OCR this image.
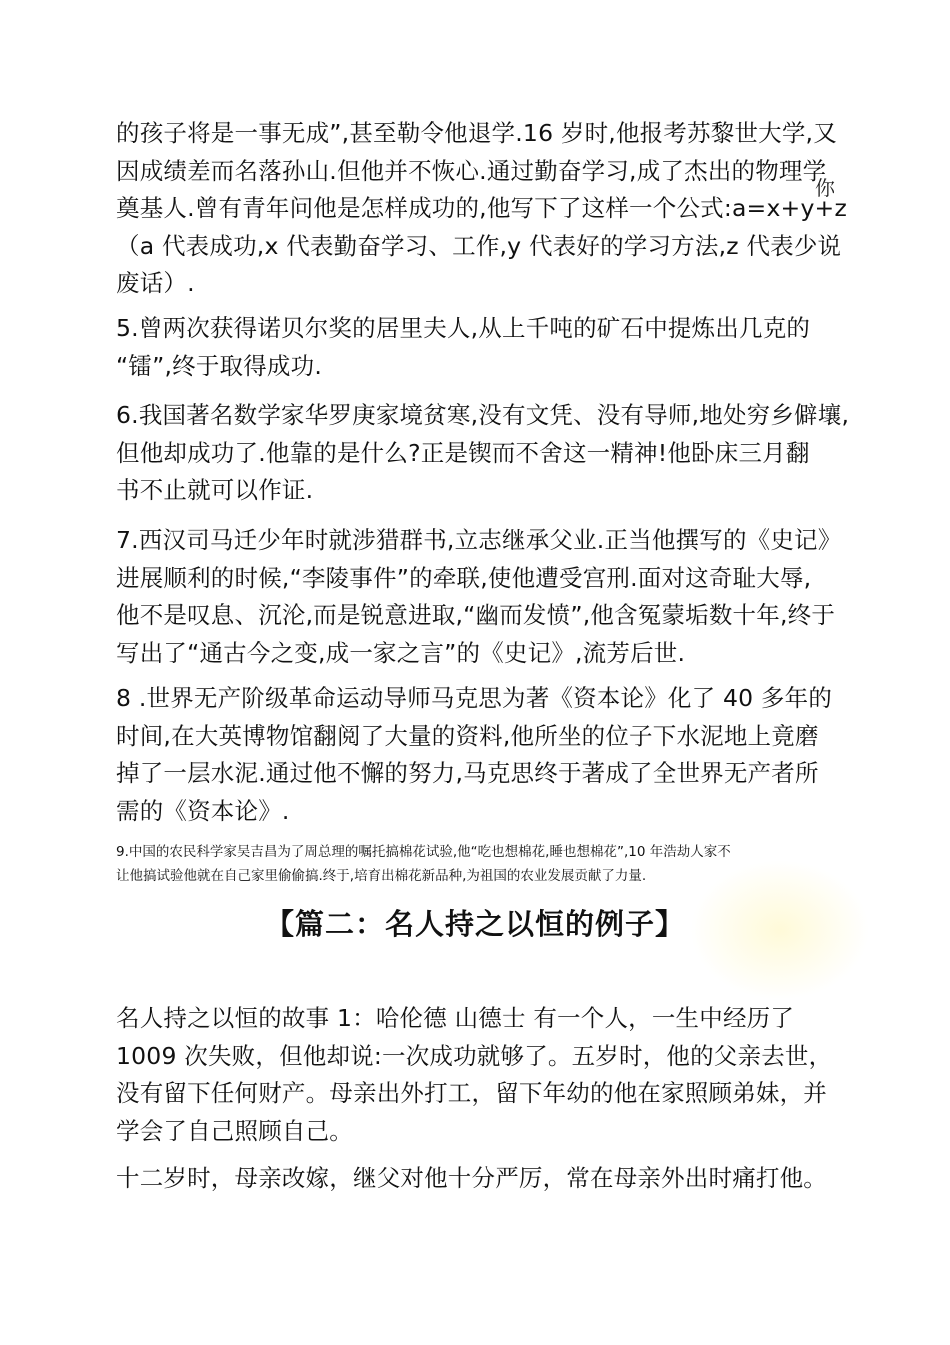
的孩子将是一事无成”,甚至勒令他退学.16 岁时,他报考苏黎世大学,又
因成绩差而名落孙山.但他并不恢心.通过勤奋学习,成了杰出的物理学
奠基人.曾有青年问他是怎样成功的,他写下了这样一个公式:a=x+y+z
（a 代表成功,x 代表勤奋学习、工作,y 代表好的学习方法,z 代表少说
废话）.
你
5.曾两次获得诺贝尔奖的居里夫人,从上千吨的矿石中提炼出几克的
“镭”,终于取得成功.
6.我国著名数学家华罗庚家境贫寒,没有文凭、没有导师,地处穷乡僻壤,
但他却成功了.他靠的是什么?正是锲而不舍这一精神!他卧床三月翻
书不止就可以作证.
7.西汉司马迁少年时就涉猎群书,立志继承父业.正当他撰写的《史记》
进展顺利的时候,“李陵事件”的牵联,使他遭受宫刑.面对这奇耻大辱,
他不是叹息、沉沦,而是锐意进取,“幽而发愤”,他含冤蒙垢数十年,终于
写出了“通古今之变,成一家之言”的《史记》,流芳后世.
8 .世界无产阶级革命运动导师马克思为著《资本论》化了 40 多年的
时间,在大英博物馆翻阅了大量的资料,他所坐的位子下水泥地上竟磨
掉了一层水泥.通过他不懈的努力,马克思终于著成了全世界无产者所
需的《资本论》.
9.中国的农民科学家吴吉昌为了周总理的嘱托搞棉花试验,他“吃也想棉花,睡也想棉花”,10 年浩劫人家不
让他搞试验他就在自己家里偷偷搞.终于,培育出棉花新品种,为祖国的农业发展贡献了力量.
【篇二：名人持之以恒的例子】
名人持之以恒的故事 1：哈伦德 山德士 有一个人，一生中经历了
1009 次失败，但他却说:一次成功就够了。五岁时，他的父亲去世，
没有留下任何财产。母亲出外打工，留下年幼的他在家照顾弟妹，并
学会了自己照顾自己。
十二岁时，母亲改嫁，继父对他十分严厉，常在母亲外出时痛打他。
